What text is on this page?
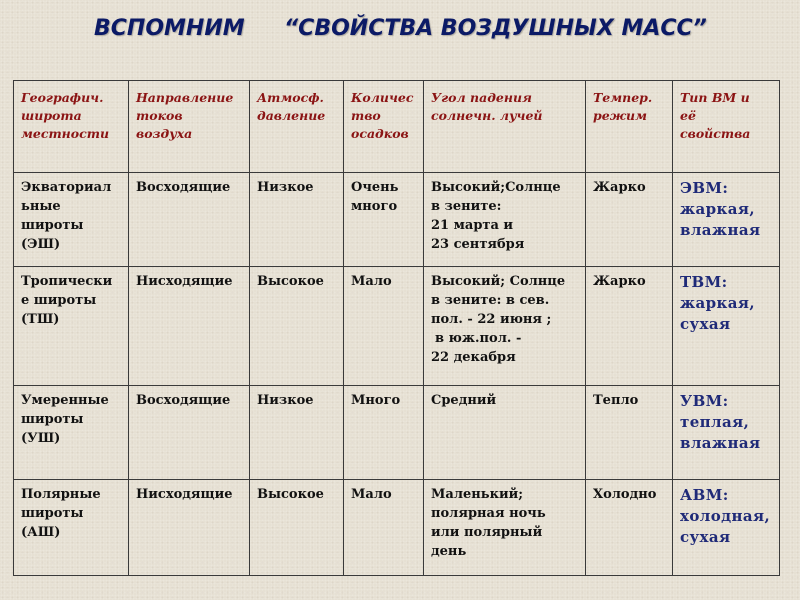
ВСПОМНИМ “СВОЙСТВА ВОЗДУШНЫХ МАСС”
Географич.
широта
местности	Направление
токов
воздуха	Атмосф.
давление	Количес
тво
осадков	Угол падения
солнечн. лучей	Темпер.
режим	Тип ВМ и
её
свойства

Экваториал
ьные
широты
(ЭШ)	Восходящие	Низкое	Очень
много	Высокий;Солнце
в зените:
21 марта и
23 сентября	Жарко	ЭВМ:
жаркая,
влажная

Тропически
е широты
(ТШ)	Нисходящие	Высокое	Мало	Высокий; Солнце
в зените: в сев.
пол. - 22 июня ;
в юж.пол. -
22 декабря	Жарко	ТВМ:
жаркая,
сухая

Умеренные
широты
(УШ)	Восходящие	Низкое	Много	Средний	Тепло	УВМ:
теплая,
влажная

Полярные
широты
(АШ)	Нисходящие	Высокое	Мало	Маленький;
полярная ночь
или полярный
день	Холодно	АВМ:
холодная,
сухая
